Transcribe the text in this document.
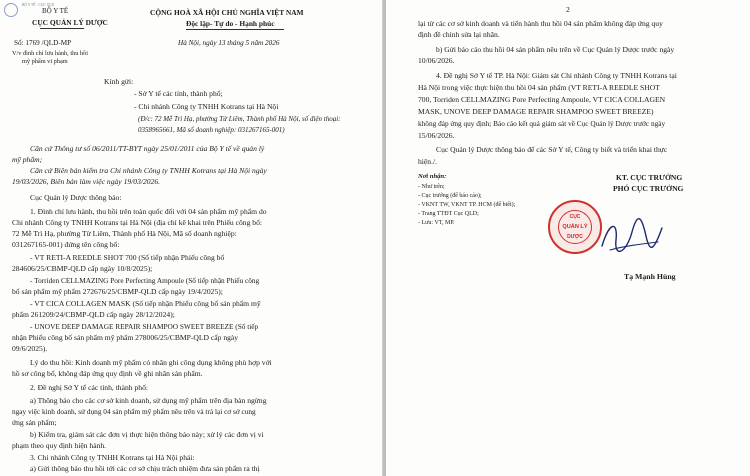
BỘ Y TẾ · CỤC QLD
BỘ Y TẾ
CỤC QUẢN LÝ DƯỢC
Số: 1769 /QLD-MP
V/v đình chỉ lưu hành, thu hồi
mỹ phẩm vi phạm
CỘNG HOÀ XÃ HỘI CHỦ NGHĨA VIỆT NAM
Độc lập- Tự do - Hạnh phúc
Hà Nội, ngày 13 tháng 5 năm 2026
Kính gửi:
- Sở Y tế các tỉnh, thành phố;
- Chi nhánh Công ty TNHH Kotrans tại Hà Nội
(Đ/c: 72 Mễ Trì Hạ, phường Từ Liêm, Thành phố Hà Nội, số điện thoại:
0358965661, Mã số doanh nghiệp: 031267165-001)
Căn cứ Thông tư số 06/2011/TT-BYT ngày 25/01/2011 của Bộ Y tế về quản lý
mỹ phẩm;
Căn cứ Biên bản kiểm tra Chi nhánh Công ty TNHH Kotrans tại Hà Nội ngày
19/03/2026, Biên bản làm việc ngày 19/03/2026.
Cục Quản lý Dược thông báo:
1. Đình chỉ lưu hành, thu hồi trên toàn quốc đối với 04 sản phẩm mỹ phẩm do
Chi nhánh Công ty TNHH Kotrans tại Hà Nội (địa chỉ kê khai trên Phiếu công bố:
72 Mễ Trì Hạ, phường Từ Liêm, Thành phố Hà Nội, Mã số doanh nghiệp:
031267165-001) đứng tên công bố:
- VT RETI-A REEDLE SHOT 700 (Số tiếp nhận Phiếu công bố
284606/25/CBMP-QLD cấp ngày 10/8/2025);
- Torriden CELLMAZING Pore Perfecting Ampoule (Số tiếp nhận Phiếu công
bố sản phẩm mỹ phẩm 272676/25/CBMP-QLD cấp ngày 19/4/2025);
- VT CICA COLLAGEN MASK (Số tiếp nhận Phiếu công bố sản phẩm mỹ
phẩm 261209/24/CBMP-QLD cấp ngày 28/12/2024);
- UNOVE DEEP DAMAGE REPAIR SHAMPOO SWEET BREEZE (Số tiếp
nhận Phiếu công bố sản phẩm mỹ phẩm 278006/25/CBMP-QLD cấp ngày
09/6/2025).
Lý do thu hồi: Kinh doanh mỹ phẩm có nhãn ghi công dụng không phù hợp với
hồ sơ công bố, không đáp ứng quy định về ghi nhãn sản phẩm.
2. Đề nghị Sở Y tế các tỉnh, thành phố:
a) Thông báo cho các cơ sở kinh doanh, sử dụng mỹ phẩm trên địa bàn ngừng
ngay việc kinh doanh, sử dụng 04 sản phẩm mỹ phẩm nêu trên và trả lại cơ sở cung
ứng sản phẩm;
b) Kiểm tra, giám sát các đơn vị thực hiện thông báo này; xử lý các đơn vị vi
phạm theo quy định hiện hành.
3. Chi nhánh Công ty TNHH Kotrans tại Hà Nội phải:
a) Gửi thông báo thu hồi tới các cơ sở chịu trách nhiệm đưa sản phẩm ra thị
2
lại từ các cơ sở kinh doanh và tiến hành thu hồi 04 sản phẩm không đáp ứng quy
định đề chỉnh sửa lại nhãn.
b) Gửi báo cáo thu hồi 04 sản phẩm nêu trên về Cục Quản lý Dược trước ngày
10/06/2026.
4. Đề nghị Sở Y tế TP. Hà Nội: Giám sát Chi nhánh Công ty TNHH Kotrans tại
Hà Nội trong việc thực hiện thu hồi 04 sản phẩm (VT RETI-A REEDLE SHOT
700, Torriden CELLMAZING Pore Perfecting Ampoule, VT CICA COLLAGEN
MASK, UNOVE DEEP DAMAGE REPAIR SHAMPOO SWEET BREEZE)
không đáp ứng quy định; Báo cáo kết quả giám sát về Cục Quản lý Dược trước ngày
15/06/2026.
Cục Quản lý Dược thông báo để các Sở Y tế, Công ty biết và triển khai thực
hiện./.
Nơi nhận:
- Như trên;
- Cục trưởng (để báo cáo);
- VKNT TW, VKNT TP. HCM (để biết);
- Trang TTĐT Cục QLD;
- Lưu: VT, MP.
KT. CỤC TRƯỞNG
PHÓ CỤC TRƯỞNG
Tạ Mạnh Hùng
CỤC
QUẢN LÝ
DƯỢC
